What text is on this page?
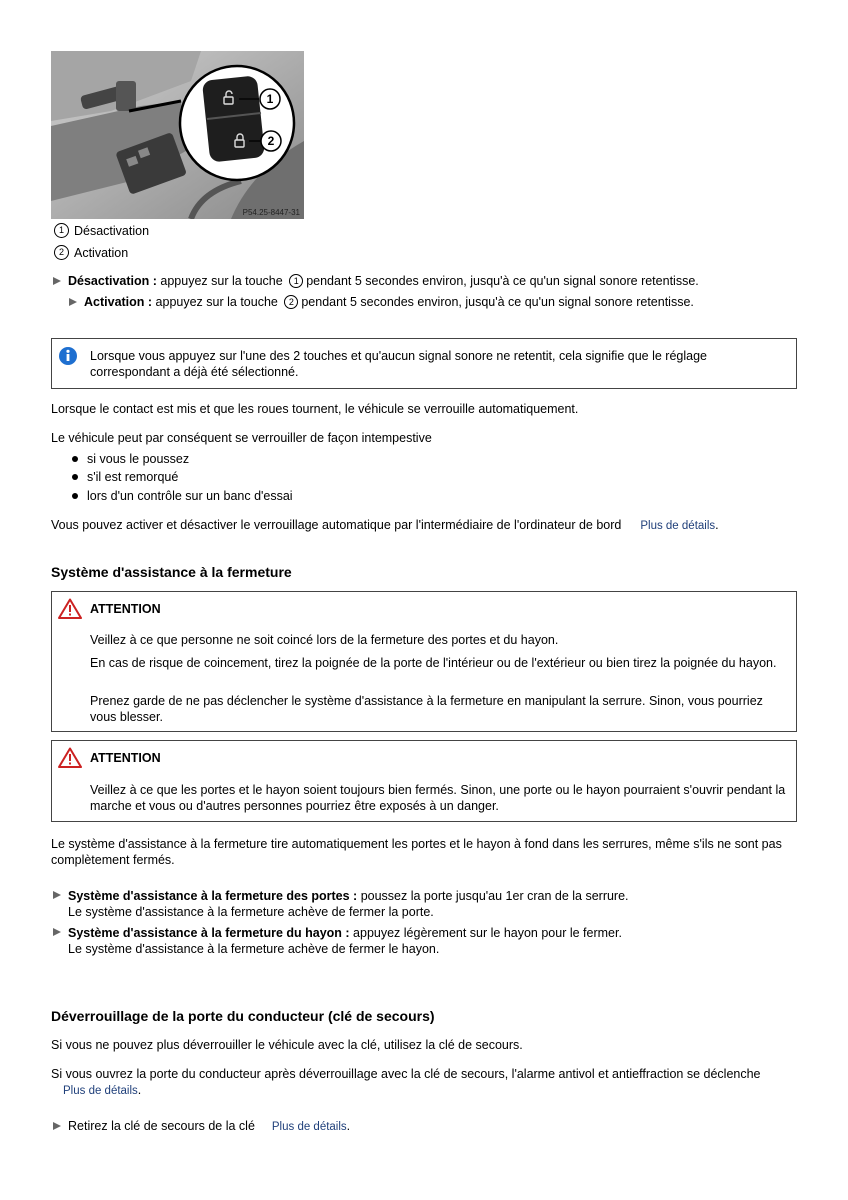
1
2
P54.25-8447-31
1 Désactivation
2 Activation
Désactivation : appuyez sur la touche 1 pendant 5 secondes environ, jusqu'à ce qu'un signal sonore retentisse.
Activation : appuyez sur la touche 2 pendant 5 secondes environ, jusqu'à ce qu'un signal sonore retentisse.
Lorsque vous appuyez sur l'une des 2 touches et qu'aucun signal sonore ne retentit, cela signifie que le réglage correspondant a déjà été sélectionné.
Lorsque le contact est mis et que les roues tournent, le véhicule se verrouille automatiquement.
Le véhicule peut par conséquent se verrouiller de façon intempestive
si vous le poussez
s'il est remorqué
lors d'un contrôle sur un banc d'essai
Vous pouvez activer et désactiver le verrouillage automatique par l'intermédiaire de l'ordinateur de bord Plus de détails.
Système d'assistance à la fermeture
ATTENTION
Veillez à ce que personne ne soit coincé lors de la fermeture des portes et du hayon.
En cas de risque de coincement, tirez la poignée de la porte de l'intérieur ou de l'extérieur ou bien tirez la poignée du hayon.
Prenez garde de ne pas déclencher le système d'assistance à la fermeture en manipulant la serrure. Sinon, vous pourriez vous blesser.
ATTENTION
Veillez à ce que les portes et le hayon soient toujours bien fermés. Sinon, une porte ou le hayon pourraient s'ouvrir pendant la marche et vous ou d'autres personnes pourriez être exposés à un danger.
Le système d'assistance à la fermeture tire automatiquement les portes et le hayon à fond dans les serrures, même s'ils ne sont pas complètement fermés.
Système d'assistance à la fermeture des portes : poussez la porte jusqu'au 1er cran de la serrure.
Le système d'assistance à la fermeture achève de fermer la porte.
Système d'assistance à la fermeture du hayon : appuyez légèrement sur le hayon pour le fermer.
Le système d'assistance à la fermeture achève de fermer le hayon.
Déverrouillage de la porte du conducteur (clé de secours)
Si vous ne pouvez plus déverrouiller le véhicule avec la clé, utilisez la clé de secours.
Si vous ouvrez la porte du conducteur après déverrouillage avec la clé de secours, l'alarme antivol et antieffraction se déclenche
Plus de détails.
Retirez la clé de secours de la clé Plus de détails.
